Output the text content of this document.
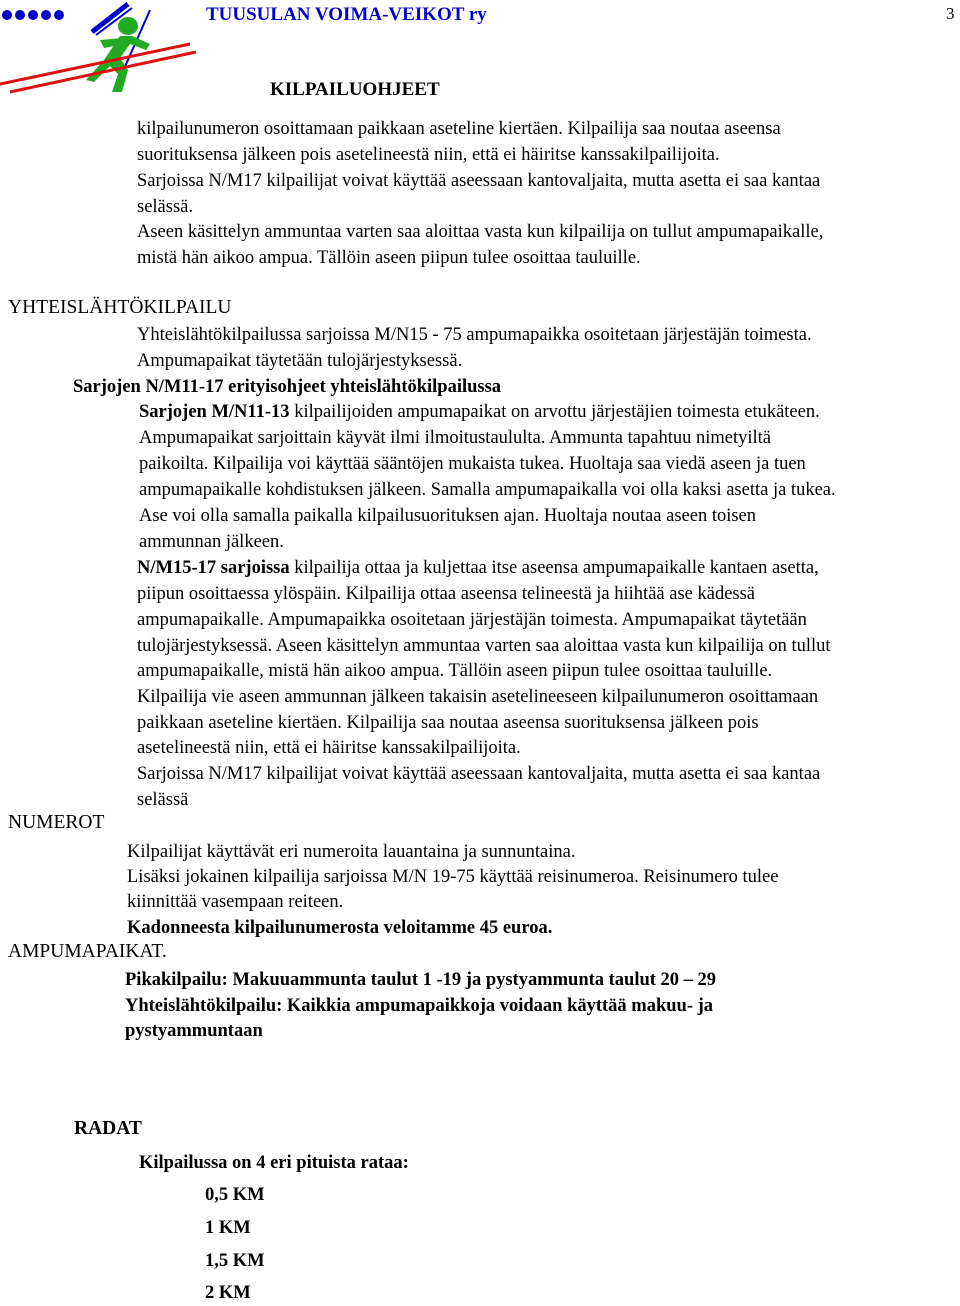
TUUSULAN VOIMA-VEIKOT ry	3
KILPAILUOHJEET
kilpailunumeron osoittamaan paikkaan aseteline kiertäen. Kilpailija saa noutaa aseensa
suorituksensa jälkeen pois asetelineestä niin, että ei häiritse kanssakilpailijoita.
Sarjoissa N/M17 kilpailijat voivat käyttää aseessaan kantovaljaita, mutta asetta ei saa kantaa
selässä.
Aseen käsittelyn ammuntaa varten saa aloittaa vasta kun kilpailija on tullut ampumapaikalle,
mistä hän aikoo ampua. Tällöin aseen piipun tulee osoittaa tauluille.
YHTEISLÄHTÖKILPAILU
Yhteislähtökilpailussa sarjoissa M/N15 - 75 ampumapaikka osoitetaan järjestäjän toimesta.
Ampumapaikat täytetään tulojärjestyksessä.
Sarjojen N/M11-17 erityisohjeet yhteislähtökilpailussa
Sarjojen M/N11-13 kilpailijoiden ampumapaikat on arvottu järjestäjien toimesta etukäteen.
Ampumapaikat sarjoittain käyvät ilmi ilmoitustaululta. Ammunta tapahtuu nimetyiltä
paikoilta. Kilpailija voi käyttää sääntöjen mukaista tukea. Huoltaja saa viedä aseen ja tuen
ampumapaikalle kohdistuksen jälkeen. Samalla ampumapaikalla voi olla kaksi asetta ja tukea.
Ase voi olla samalla paikalla kilpailusuorituksen ajan. Huoltaja noutaa aseen toisen
ammunnan jälkeen.
N/M15-17 sarjoissa kilpailija ottaa ja kuljettaa itse aseensa ampumapaikalle kantaen asetta,
piipun osoittaessa ylöspäin. Kilpailija ottaa aseensa telineestä ja hiihtää ase kädessä
ampumapaikalle. Ampumapaikka osoitetaan järjestäjän toimesta. Ampumapaikat täytetään
tulojärjestyksessä. Aseen käsittelyn ammuntaa varten saa aloittaa vasta kun kilpailija on tullut
ampumapaikalle, mistä hän aikoo ampua. Tällöin aseen piipun tulee osoittaa tauluille.
Kilpailija vie aseen ammunnan jälkeen takaisin asetelineeseen kilpailunumeron osoittamaan
paikkaan aseteline kiertäen. Kilpailija saa noutaa aseensa suorituksensa jälkeen pois
asetelineestä niin, että ei häiritse kanssakilpailijoita.
Sarjoissa N/M17 kilpailijat voivat käyttää aseessaan kantovaljaita, mutta asetta ei saa kantaa
selässä
NUMEROT
Kilpailijat käyttävät eri numeroita lauantaina ja sunnuntaina.
Lisäksi jokainen kilpailija sarjoissa M/N 19-75 käyttää reisinumeroa. Reisinumero tulee
kiinnittää vasempaan reiteen.
Kadonneesta kilpailunumerosta veloitamme 45 euroa.
AMPUMAPAIKAT.
Pikakilpailu: Makuuammunta taulut 1 -19 ja pystyammunta taulut 20 – 29
Yhteislähtökilpailu: Kaikkia ampumapaikkoja voidaan käyttää makuu- ja
pystyammuntaan
RADAT
Kilpailussa on 4 eri pituista rataa:
0,5 KM
1 KM
1,5 KM
2 KM
